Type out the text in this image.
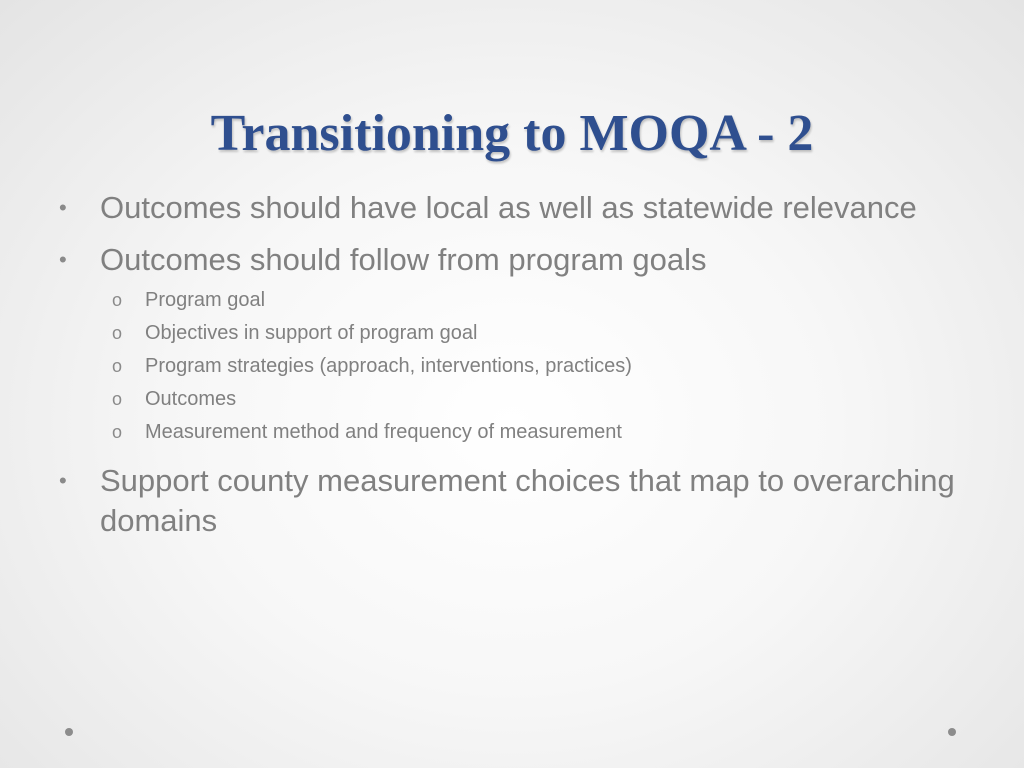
Transitioning to MOQA - 2
• Outcomes should have local as well as statewide relevance
• Outcomes should follow from program goals
o Program goal
o Objectives in support of program goal
o Program strategies (approach, interventions, practices)
o Outcomes
o Measurement method and frequency of measurement
• Support county measurement choices that map to overarching domains
